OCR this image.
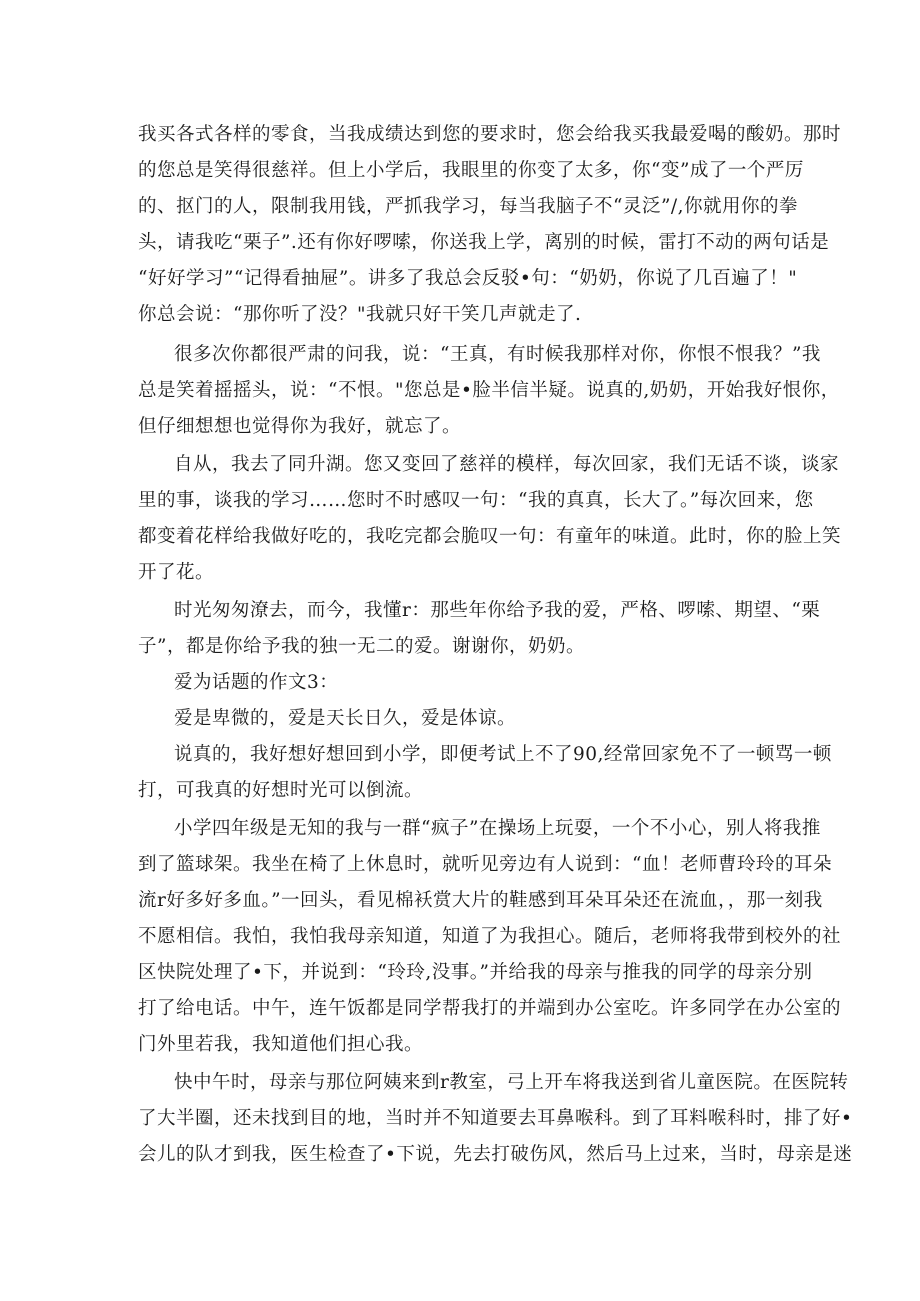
我买各式各样的零食，当我成绩达到您的要求时，您会给我买我最爱喝的酸奶。那时
的您总是笑得很慈祥。但上小学后，我眼里的你变了太多，你“变”成了一个严厉
的、抠门的人，限制我用钱，严抓我学习，每当我脑子不“灵泛”/,你就用你的拳
头，请我吃“栗子”.还有你好啰嗦，你送我上学，离别的时候，雷打不动的两句话是
“好好学习”“记得看抽屉”。讲多了我总会反驳•句：“奶奶，你说了几百遍了！"
你总会说：“那你听了没？"我就只好干笑几声就走了.
很多次你都很严肃的问我，说：“王真，有时候我那样对你，你恨不恨我？”我
总是笑着摇摇头，说：“不恨。"您总是•脸半信半疑。说真的,奶奶，开始我好恨你，
但仔细想想也觉得你为我好，就忘了。
自从，我去了同升湖。您又变回了慈祥的模样，每次回家，我们无话不谈，谈家
里的事，谈我的学习……您时不时感叹一句：“我的真真，长大了。”每次回来，您
都变着花样给我做好吃的，我吃完都会脆叹一句：有童年的味道。此时，你的脸上笑
开了花。
时光匆匆潦去，而今，我懂r：那些年你给予我的爱，严格、啰嗦、期望、“栗
子”，都是你给予我的独一无二的爱。谢谢你，奶奶。
爱为话题的作文3：
爱是卑微的，爱是天长日久，爱是体谅。
说真的，我好想好想回到小学，即便考试上不了90,经常回家免不了一顿骂一顿
打，可我真的好想时光可以倒流。
小学四年级是无知的我与一群“疯子”在操场上玩耍，一个不小心，别人将我推
到了篮球架。我坐在椅了上休息时，就听见旁边有人说到：“血！老师曹玲玲的耳朵
流r好多好多血。”一回头，看见棉袄赏大片的鞋感到耳朵耳朵还在流血，，那一刻我
不愿相信。我怕，我怕我母亲知道，知道了为我担心。随后，老师将我带到校外的社
区快院处理了•下，并说到：“玲玲,没事。”并给我的母亲与推我的同学的母亲分别
打了给电话。中午，连午饭都是同学帮我打的并端到办公室吃。许多同学在办公室的
门外里若我，我知道他们担心我。
快中午时，母亲与那位阿姨来到r教室，弓上开车将我送到省儿童医院。在医院转
了大半圈，还未找到目的地，当时并不知道要去耳鼻喉科。到了耳料喉科时，排了好•
会儿的队才到我，医生检查了•下说，先去打破伤风，然后马上过来，当时，母亲是迷
